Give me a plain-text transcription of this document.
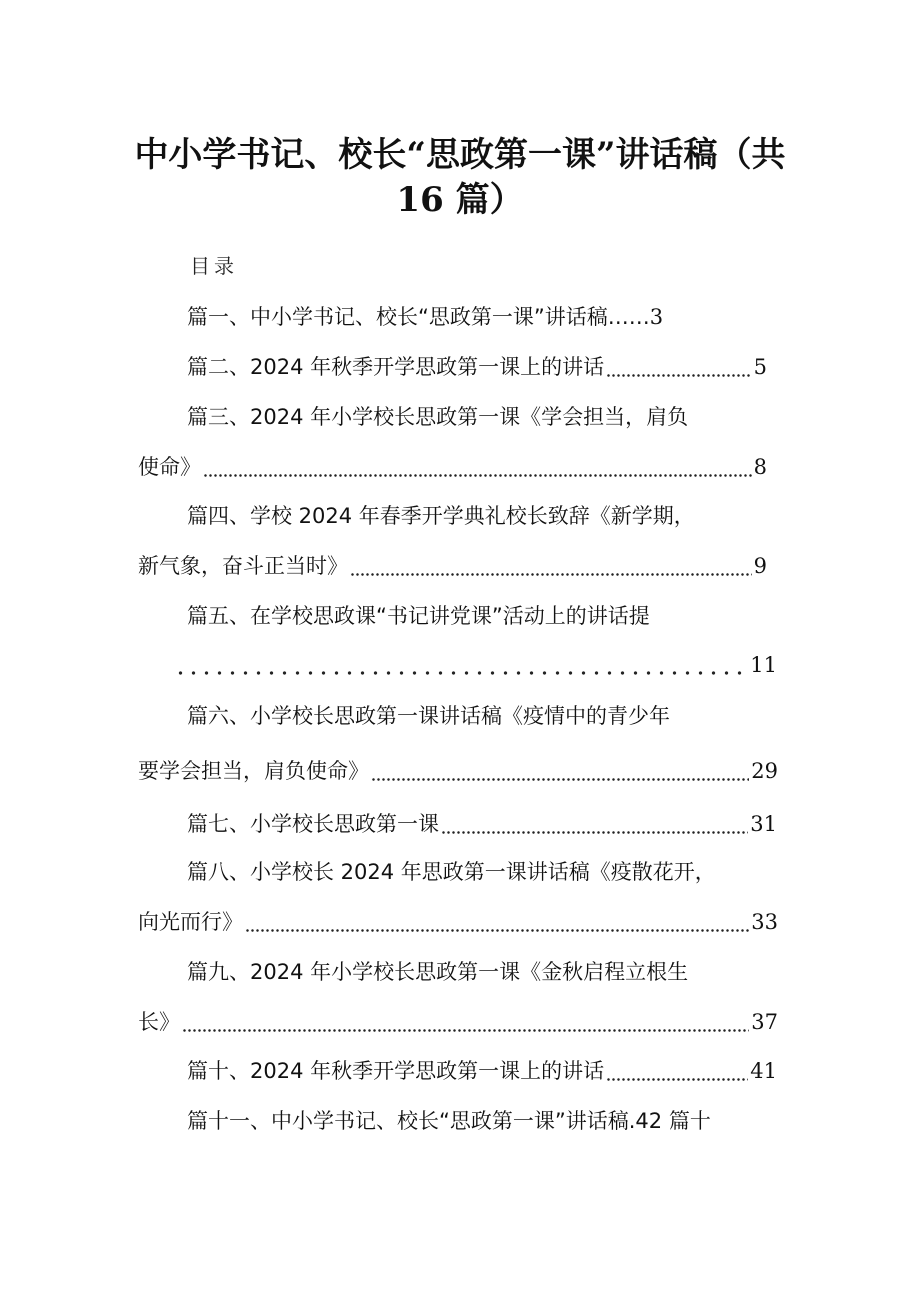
中小学书记、校长“思政第一课”讲话稿（共
16 篇）
目录
篇一、中小学书记、校长“思政第一课”讲话稿…… 3
篇二、2024 年秋季开学思政第一课上的讲话	5
篇三、2024 年小学校长思政第一课《学会担当，肩负
使命》	8
篇四、学校 2024 年春季开学典礼校长致辞《新学期，
新气象，奋斗正当时》	9
篇五、在学校思政课“书记讲党课”活动上的讲话提
11
篇六、小学校长思政第一课讲话稿《疫情中的青少年
要学会担当，肩负使命》	29
篇七、小学校长思政第一课	31
篇八、小学校长 2024 年思政第一课讲话稿《疫散花开，
向光而行》	33
篇九、2024 年小学校长思政第一课《金秋启程立根生
长》	37
篇十、2024 年秋季开学思政第一课上的讲话	41
篇十一、中小学书记、校长“思政第一课”讲话稿.42 篇十
